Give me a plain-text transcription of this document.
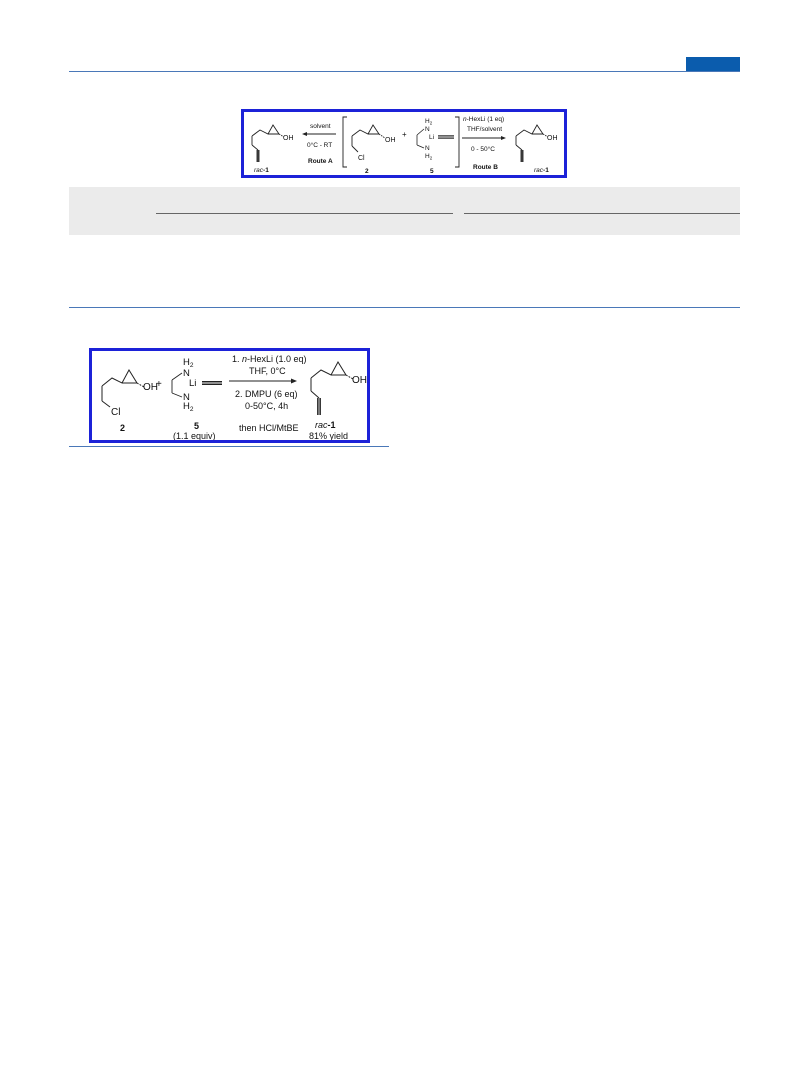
OH
rac-1
solvent
0°C - RT
Route A
OH
Cl
2
+
$H_2$
N
Li
N
$H_2$
5
n-HexLi (1 eq)
THF/solvent
0 - 50°C
Route B
OH
rac-1
OH
Cl
2
+
$H_2$
N
Li
N
$H_2$
5
(1.1 equiv)
1. n-HexLi (1.0 eq)
THF, 0°C
2. DMPU (6 eq)
0-50°C, 4h
then HCl/MtBE
OH
rac-1
81% yield
